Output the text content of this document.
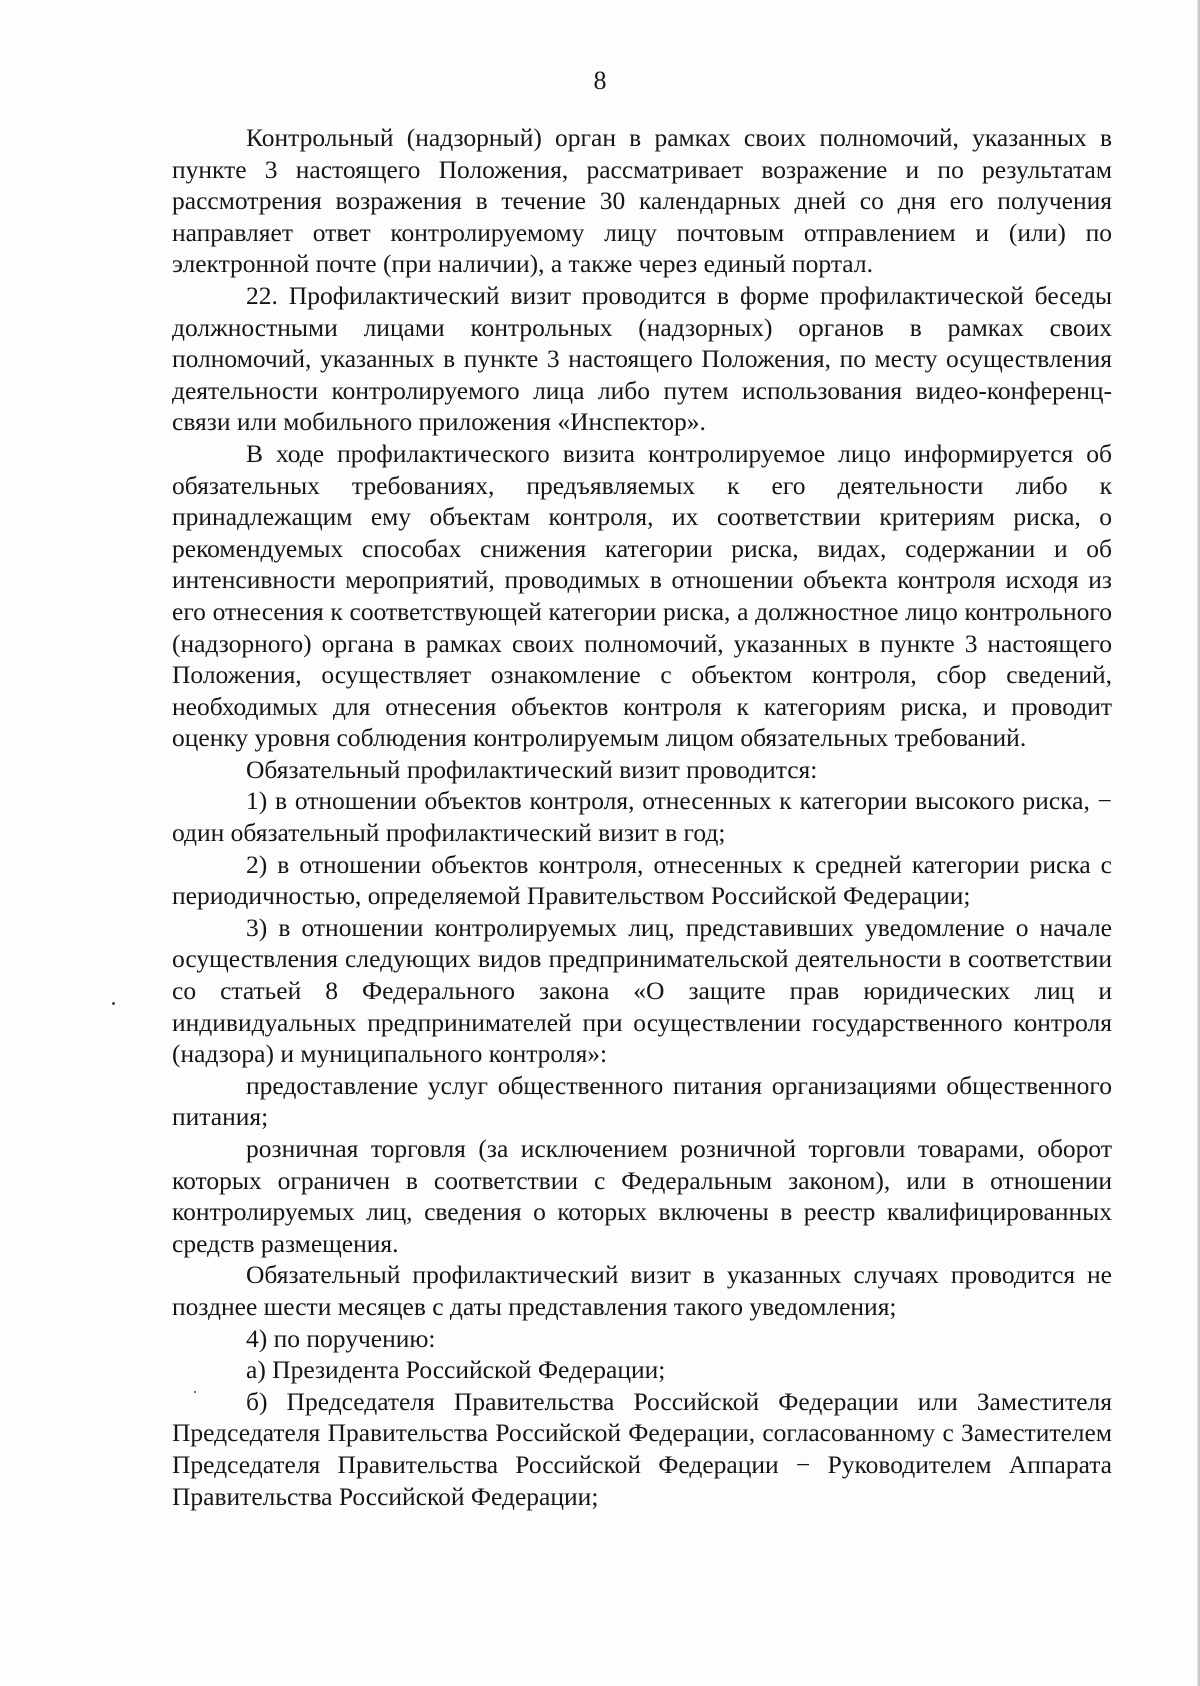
8

Контрольный (надзорный) орган в рамках своих полномочий, указанных в пункте 3 настоящего Положения, рассматривает возражение и по результатам рассмотрения возражения в течение 30 календарных дней со дня его получения направляет ответ контролируемому лицу почтовым отправлением и (или) по электронной почте (при наличии), а также через единый портал.

22. Профилактический визит проводится в форме профилактической беседы должностными лицами контрольных (надзорных) органов в рамках своих полномочий, указанных в пункте 3 настоящего Положения, по месту осуществления деятельности контролируемого лица либо путем использования видео-конференц-связи или мобильного приложения «Инспектор».

В ходе профилактического визита контролируемое лицо информируется об обязательных требованиях, предъявляемых к его деятельности либо к принадлежащим ему объектам контроля, их соответствии критериям риска, о рекомендуемых способах снижения категории риска, видах, содержании и об интенсивности мероприятий, проводимых в отношении объекта контроля исходя из его отнесения к соответствующей категории риска, а должностное лицо контрольного (надзорного) органа в рамках своих полномочий, указанных в пункте 3 настоящего Положения, осуществляет ознакомление с объектом контроля, сбор сведений, необходимых для отнесения объектов контроля к категориям риска, и проводит оценку уровня соблюдения контролируемым лицом обязательных требований.

Обязательный профилактический визит проводится:

1) в отношении объектов контроля, отнесенных к категории высокого риска, − один обязательный профилактический визит в год;

2) в отношении объектов контроля, отнесенных к средней категории риска с периодичностью, определяемой Правительством Российской Федерации;

3) в отношении контролируемых лиц, представивших уведомление о начале осуществления следующих видов предпринимательской деятельности в соответствии со статьей 8 Федерального закона «О защите прав юридических лиц и индивидуальных предпринимателей при осуществлении государственного контроля (надзора) и муниципального контроля»:

предоставление услуг общественного питания организациями общественного питания;

розничная торговля (за исключением розничной торговли товарами, оборот которых ограничен в соответствии с Федеральным законом), или в отношении контролируемых лиц, сведения о которых включены в реестр квалифицированных средств размещения.

Обязательный профилактический визит в указанных случаях проводится не позднее шести месяцев с даты представления такого уведомления;

4) по поручению:

а) Президента Российской Федерации;

б) Председателя Правительства Российской Федерации или Заместителя Председателя Правительства Российской Федерации, согласованному с Заместителем Председателя Правительства Российской Федерации − Руководителем Аппарата Правительства Российской Федерации;
